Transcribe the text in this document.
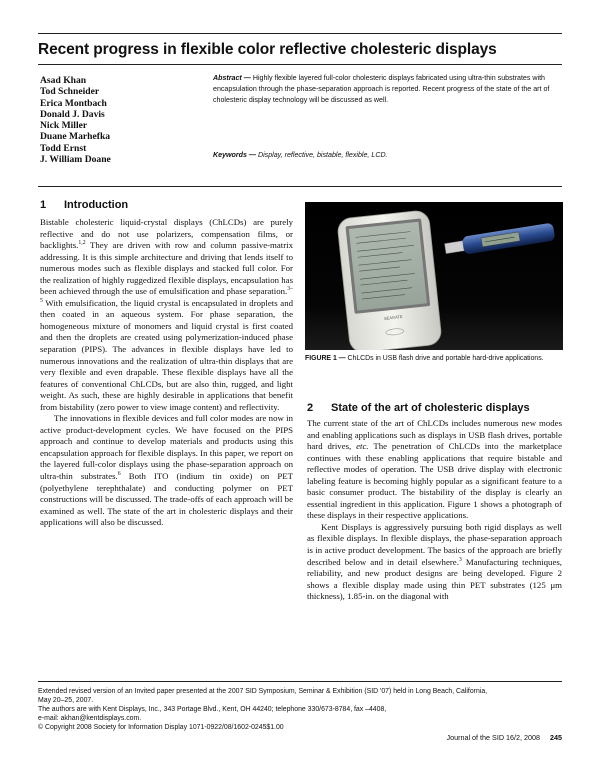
Recent progress in flexible color reflective cholesteric displays
Asad Khan
Tod Schneider
Erica Montbach
Donald J. Davis
Nick Miller
Duane Marhefka
Todd Ernst
J. William Doane
Abstract — Highly flexible layered full-color cholesteric displays fabricated using ultra-thin substrates with encapsulation through the phase-separation approach is reported. Recent progress of the state of the art of cholesteric display technology will be discussed as well.
Keywords — Display, reflective, bistable, flexible, LCD.
1 Introduction

Bistable cholesteric liquid-crystal displays (ChLCDs) are purely reflective and do not use polarizers, compensation films, or backlights.$^{1,2}$ They are driven with row and column passive-matrix addressing. It is this simple architecture and driving that lends itself to numerous modes such as flexible displays and stacked full color. For the realization of highly ruggedized flexible displays, encapsulation has been achieved through the use of emulsification and phase separation.$^{3-5}$ With emulsification, the liquid crystal is encapsulated in droplets and then coated in an aqueous system. For phase separation, the homogeneous mixture of monomers and liquid crystal is first coated and then the droplets are created using polymerization-induced phase separation (PIPS). The advances in flexible displays have led to numerous innovations and the realization of ultra-thin displays that are very flexible and even drapable. These flexible displays have all the features of conventional ChLCDs, but are also thin, rugged, and light weight. As such, these are highly desirable in applications that benefit from bistability (zero power to view image content) and reflectivity.

The innovations in flexible devices and full color modes are now in active product-development cycles. We have focused on the PIPS approach and continue to develop materials and products using this encapsulation approach for flexible displays. In this paper, we report on the layered full-color displays using the phase-separation approach on ultra-thin substrates.$^6$ Both ITO (indium tin oxide) on PET (polyethylene terephthalate) and conducting polymer on PET constructions will be discussed. The trade-offs of each approach will be examined as well. The state of the art in cholesteric displays and their applications will also be discussed.

SEAGATE
FIGURE 1 — ChLCDs in USB flash drive and portable hard-drive applications.
2 State of the art of cholesteric displays

The current state of the art of ChLCDs includes numerous new modes and enabling applications such as displays in USB flash drives, portable hard drives, etc. The penetration of ChLCDs into the marketplace continues with these enabling applications that require bistable and reflective modes of operation. The USB drive display with electronic labeling feature is becoming highly popular as a significant feature to a basic consumer product. The bistability of the display is clearly an essential ingredient in this application. Figure 1 shows a photograph of these displays in their respective applications.

Kent Displays is aggressively pursuing both rigid displays as well as flexible displays. In flexible displays, the phase-separation approach is in active product development. The basics of the approach are briefly described below and in detail elsewhere.$^3$ Manufacturing techniques, reliability, and new product designs are being developed. Figure 2 shows a flexible display made using thin PET substrates (125 μm thickness), 1.85-in. on the diagonal with

Extended revised version of an Invited paper presented at the 2007 SID Symposium, Seminar & Exhibition (SID '07) held in Long Beach, California,
May 20–25, 2007.
The authors are with Kent Displays, Inc., 343 Portage Blvd., Kent, OH 44240; telephone 330/673-8784, fax –4408,
e-mail: akhan@kentdisplays.com.
© Copyright 2008 Society for Information Display 1071-0922/08/1602-0245$1.00
Journal of the SID 16/2, 2008 245
